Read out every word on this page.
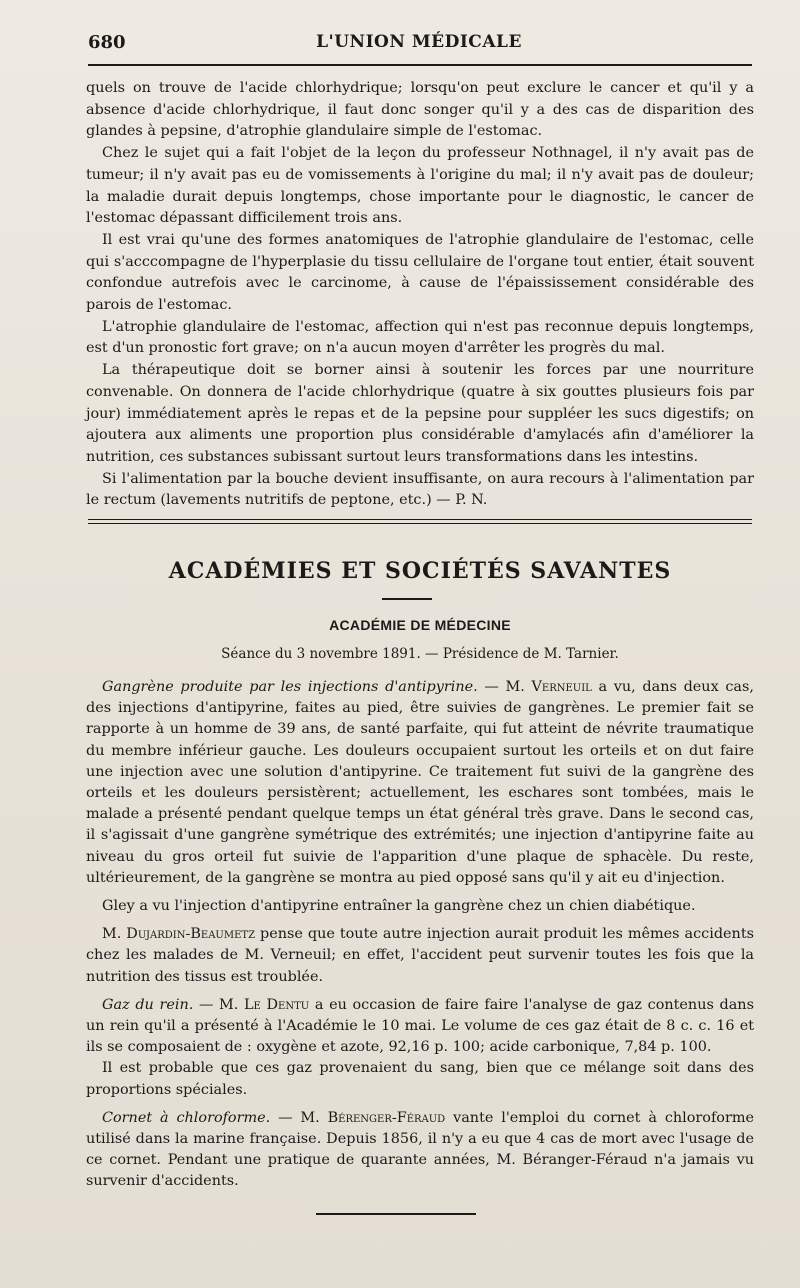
680	L'UNION MÉDICALE

quels on trouve de l'acide chlorhydrique; lorsqu'on peut exclure le cancer et qu'il y a absence d'acide chlorhydrique, il faut donc songer qu'il y a des cas de disparition des glandes à pepsine, d'atrophie glandulaire simple de l'estomac.

Chez le sujet qui a fait l'objet de la leçon du professeur Nothnagel, il n'y avait pas de tumeur; il n'y avait pas eu de vomissements à l'origine du mal; il n'y avait pas de douleur; la maladie durait depuis longtemps, chose importante pour le diagnostic, le cancer de l'estomac dépassant difficilement trois ans.

Il est vrai qu'une des formes anatomiques de l'atrophie glandulaire de l'estomac, celle qui s'acccompagne de l'hyperplasie du tissu cellulaire de l'organe tout entier, était souvent confondue autrefois avec le carcinome, à cause de l'épaississement considérable des parois de l'estomac.

L'atrophie glandulaire de l'estomac, affection qui n'est pas reconnue depuis longtemps, est d'un pronostic fort grave; on n'a aucun moyen d'arrêter les progrès du mal.

La thérapeutique doit se borner ainsi à soutenir les forces par une nourriture convenable. On donnera de l'acide chlorhydrique (quatre à six gouttes plusieurs fois par jour) immédiatement après le repas et de la pepsine pour suppléer les sucs digestifs; on ajoutera aux aliments une proportion plus considérable d'amylacés afin d'améliorer la nutrition, ces substances subissant surtout leurs transformations dans les intestins.

Si l'alimentation par la bouche devient insuffisante, on aura recours à l'alimentation par le rectum (lavements nutritifs de peptone, etc.) — P. N.

ACADÉMIES ET SOCIÉTÉS SAVANTES
ACADÉMIE DE MÉDECINE
Séance du 3 novembre 1891. — Présidence de M. Tarnier.

Gangrène produite par les injections d'antipyrine. — M. Verneuil a vu, dans deux cas, des injections d'antipyrine, faites au pied, être suivies de gangrènes. Le premier fait se rapporte à un homme de 39 ans, de santé parfaite, qui fut atteint de névrite traumatique du membre inférieur gauche. Les douleurs occupaient surtout les orteils et on dut faire une injection avec une solution d'antipyrine. Ce traitement fut suivi de la gangrène des orteils et les douleurs persistèrent; actuellement, les eschares sont tombées, mais le malade a présenté pendant quelque temps un état général très grave. Dans le second cas, il s'agissait d'une gangrène symétrique des extrémités; une injection d'antipyrine faite au niveau du gros orteil fut suivie de l'apparition d'une plaque de sphacèle. Du reste, ultérieurement, de la gangrène se montra au pied opposé sans qu'il y ait eu d'injection.

Gley a vu l'injection d'antipyrine entraîner la gangrène chez un chien diabétique.

M. Dujardin-Beaumetz pense que toute autre injection aurait produit les mêmes accidents chez les malades de M. Verneuil; en effet, l'accident peut survenir toutes les fois que la nutrition des tissus est troublée.

Gaz du rein. — M. Le Dentu a eu occasion de faire faire l'analyse de gaz contenus dans un rein qu'il a présenté à l'Académie le 10 mai. Le volume de ces gaz était de 8 c. c. 16 et ils se composaient de : oxygène et azote, 92,16 p. 100; acide carbonique, 7,84 p. 100.

Il est probable que ces gaz provenaient du sang, bien que ce mélange soit dans des proportions spéciales.

Cornet à chloroforme. — M. Bérenger-Féraud vante l'emploi du cornet à chloroforme utilisé dans la marine française. Depuis 1856, il n'y a eu que 4 cas de mort avec l'usage de ce cornet. Pendant une pratique de quarante années, M. Béranger-Féraud n'a jamais vu survenir d'accidents.
